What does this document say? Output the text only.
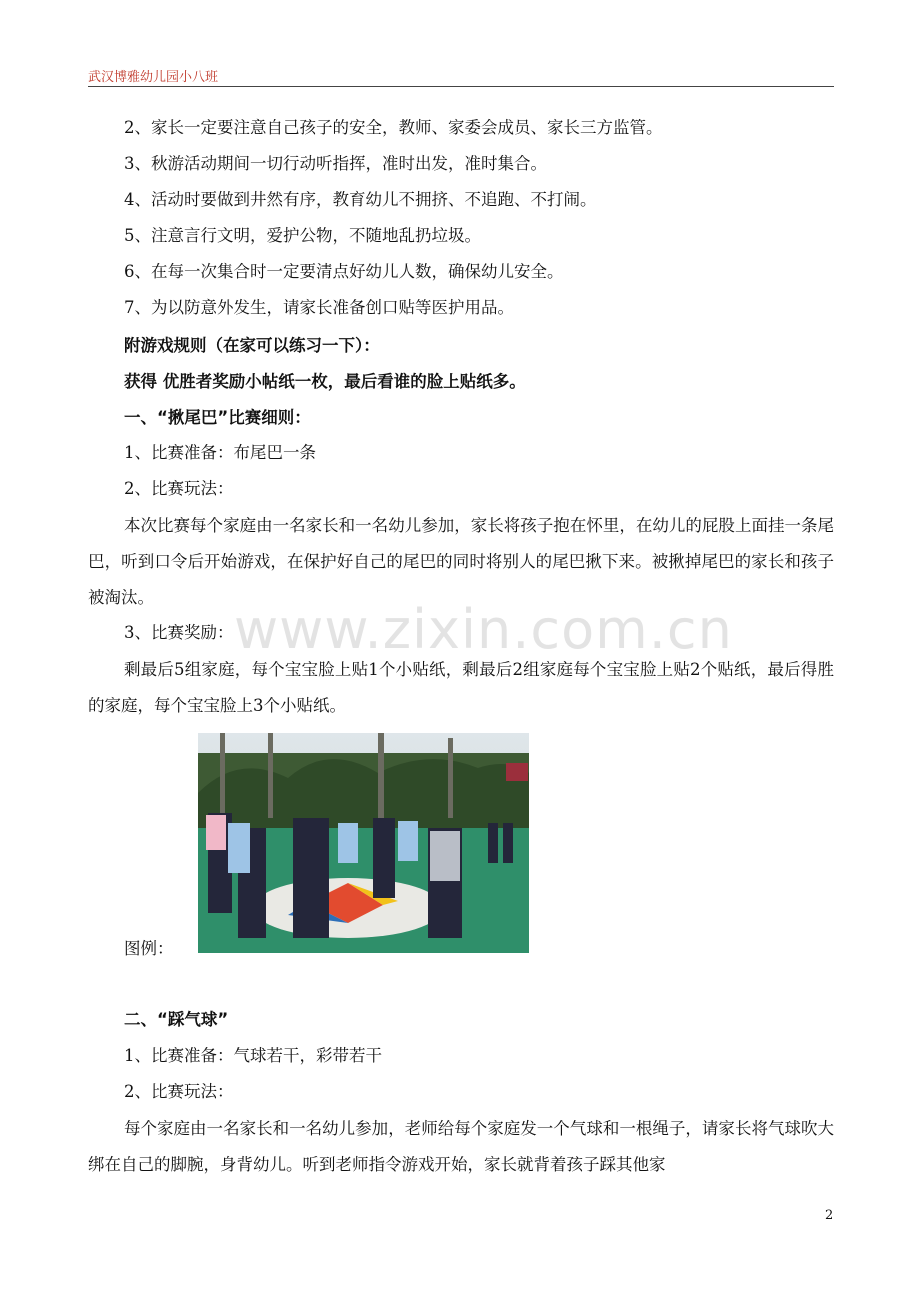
武汉博雅幼儿园小八班
2、家长一定要注意自己孩子的安全，教师、家委会成员、家长三方监管。
3、秋游活动期间一切行动听指挥，准时出发，准时集合。
4、活动时要做到井然有序，教育幼儿不拥挤、不追跑、不打闹。
5、注意言行文明，爱护公物，不随地乱扔垃圾。
6、在每一次集合时一定要清点好幼儿人数，确保幼儿安全。
7、为以防意外发生，请家长准备创口贴等医护用品。
附游戏规则（在家可以练习一下）：
获得 优胜者奖励小帖纸一枚，最后看谁的脸上贴纸多。
一、“揪尾巴”比赛细则：
1、比赛准备：布尾巴一条
2、比赛玩法：
本次比赛每个家庭由一名家长和一名幼儿参加，家长将孩子抱在怀里，在幼儿的屁股上面挂一条尾巴，听到口令后开始游戏，在保护好自己的尾巴的同时将别人的尾巴揪下来。被揪掉尾巴的家长和孩子被淘汰。
www.zixin.com.cn
3、比赛奖励：
剩最后5组家庭，每个宝宝脸上贴1个小贴纸，剩最后2组家庭每个宝宝脸上贴2个贴纸，最后得胜的家庭，每个宝宝脸上3个小贴纸。
图例：
二、“踩气球”
1、比赛准备：气球若干，彩带若干
2、比赛玩法：
每个家庭由一名家长和一名幼儿参加，老师给每个家庭发一个气球和一根绳子，请家长将气球吹大绑在自己的脚腕，身背幼儿。听到老师指令游戏开始，家长就背着孩子踩其他家
2
